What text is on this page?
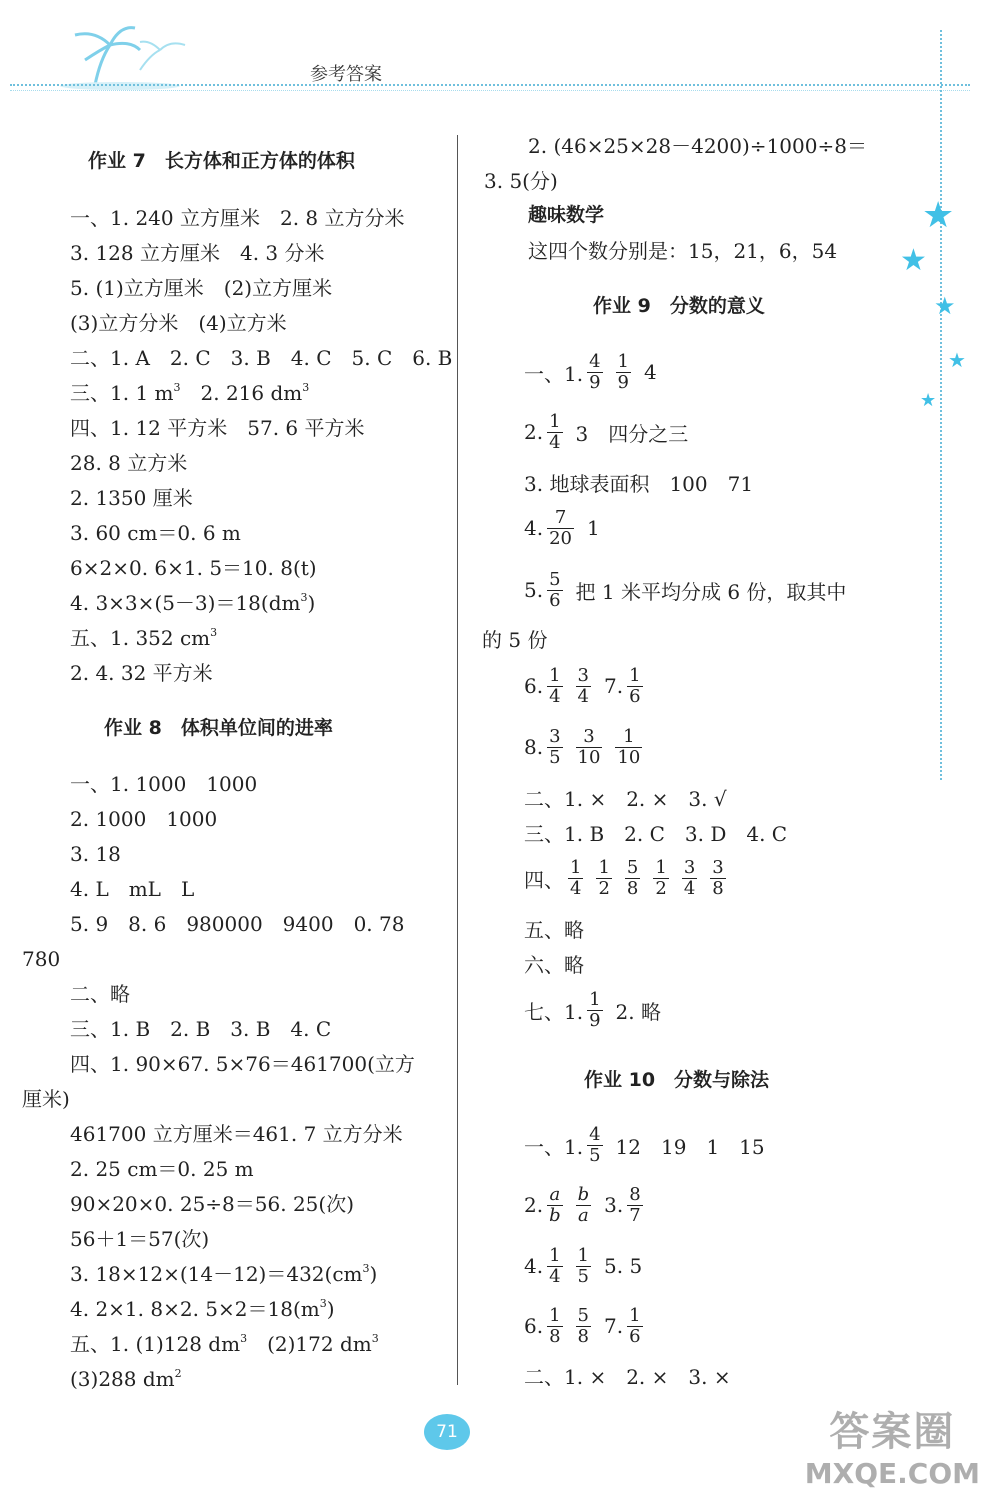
参考答案
★
★
★
★
★
作业 7　长方体和正方体的体积
一、1. 240 立方厘米　2. 8 立方分米
3. 128 立方厘米　4. 3 分米
5. (1)立方厘米　(2)立方厘米
(3)立方分米　(4)立方米
二、1. A　2. C　3. B　4. C　5. C　6. B
三、1. 1 $m^3$　 2. 216 $dm^3$
四、1. 12 平方米　57. 6 平方米
28. 8 立方米
2. 1350 厘米
3. 60 cm＝0. 6 m
6×2×0. 6×1. 5＝10. 8(t)
4. $3\times 3\times(5-3)=18(dm^3)$
五、1. 352 $cm^3$
2. 4. 32 平方米
作业 8　体积单位间的进率
一、1. 1000　1000
2. 1000　1000
3. 18
4. L　mL　L
5. 9　8. 6　980000　9400　0. 78
780
二、略
三、1. B　2. B　3. B　4. C
四、1. 90×67. 5×76＝461700(立方
厘米)
461700 立方厘米＝461. 7 立方分米
2. 25 cm＝0. 25 m
90×20×0. 25÷8＝56. 25(次)
56＋1＝57(次)
3. $18\times 12\times(14-12)=432(cm^3)$
4. 2×1. 8×2. $5\times 2=18(m^3)$
五、1. (1)128 $dm^3$　 (2)172 $dm^3$
(3)288 $dm^2$
2. (46×25×28－4200)÷1000÷8＝
3. 5(分)
趣味数学
这四个数分别是：15，21，6，54
作业 9　分数的意义
一、1.
4
9
1
9 4
2. 1
4 3　四分之三
3. 地球表面积　100　71
4. 7
20 1
5. 5
6 把 1 米平均分成 6 份，取其中
的 5 份
6. 1
4
3
4 7. 1
6
8. 3
5
3
10
1
10
二、1. ×　2. ×　3. √
三、1. B　2. C　3. D　4. C
四、
1
4
1
2
5
8
1
2
3
4
3
8
五、略
六、略
七、1.
1
9 2. 略
作业 10　分数与除法
一、1.
4
5 12　19　1　15
2. a
b
b
a 3. 8
7
4. 1
4
1
5 5. 5
6. 1
8
5
8 7. 1
6
二、1. ×　2. ×　3. ×
71	答案圈
MXQE.COM
